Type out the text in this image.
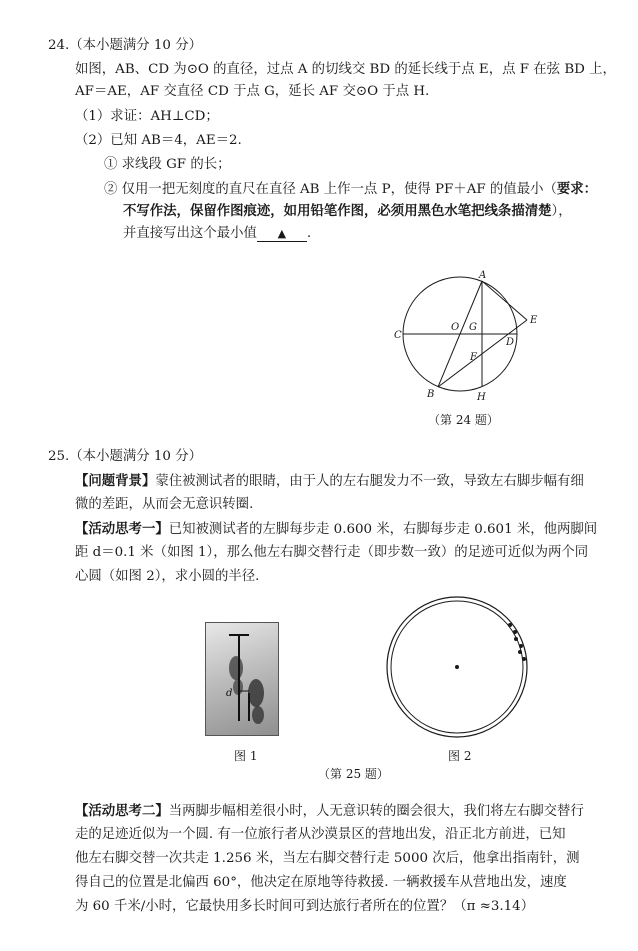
24.（本小题满分 10 分）
如图，AB、CD 为⊙O 的直径，过点 A 的切线交 BD 的延长线于点 E，点 F 在弦 BD 上，
AF＝AE，AF 交直径 CD 于点 G，延长 AF 交⊙O 于点 H.
（1）求证：AH⊥CD；
（2）已知 AB＝4，AE＝2.
① 求线段 GF 的长；
② 仅用一把无刻度的直尺在直径 AB 上作一点 P，使得 PF＋AF 的值最小（要求：
不写作法，保留作图痕迹，如用铅笔作图，必须用黑色水笔把线条描清楚），
并直接写出这个最小值 ▲ .
A
B
C
D
E
F
G
H
O
（第 24 题）
25.（本小题满分 10 分）
【问题背景】蒙住被测试者的眼睛，由于人的左右腿发力不一致，导致左右脚步幅有细
微的差距，从而会无意识转圈.
【活动思考一】已知被测试者的左脚每步走 0.600 米，右脚每步走 0.601 米，他两脚间
距 d＝0.1 米（如图 1），那么他左右脚交替行走（即步数一致）的足迹可近似为两个同
心圆（如图 2），求小圆的半径.
d
图 1	图 2
（第 25 题）
【活动思考二】当两脚步幅相差很小时，人无意识转的圈会很大，我们将左右脚交替行
走的足迹近似为一个圆. 有一位旅行者从沙漠景区的营地出发，沿正北方前进，已知
他左右脚交替一次共走 1.256 米，当左右脚交替行走 5000 次后，他拿出指南针，测
得自己的位置是北偏西 60°，他决定在原地等待救援. 一辆救援车从营地出发，速度
为 60 千米/小时，它最快用多长时间可到达旅行者所在的位置？（π ≈3.14）
